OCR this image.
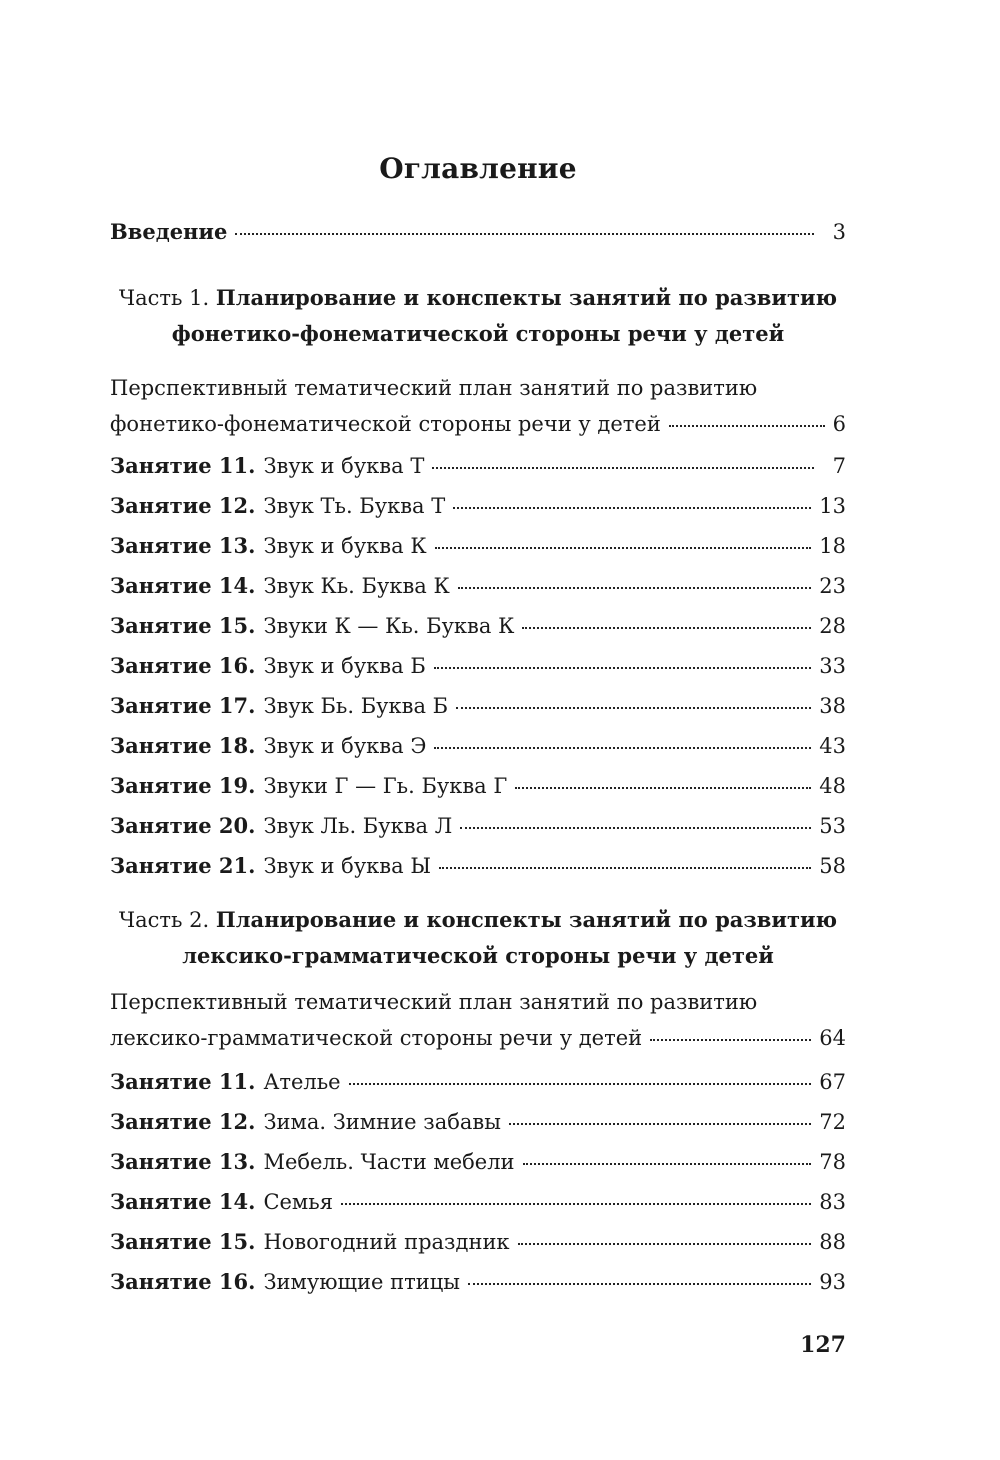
Оглавление
Введение	3
Часть 1. Планирование и конспекты занятий по развитию
фонетико-фонематической стороны речи у детей
Перспективный тематический план занятий по развитию
фонетико-фонематической стороны речи у детей	6
Занятие 11. Звук и буква Т	7
Занятие 12. Звук Ть. Буква Т	13
Занятие 13. Звук и буква К	18
Занятие 14. Звук Кь. Буква К	23
Занятие 15. Звуки К — Кь. Буква К	28
Занятие 16. Звук и буква Б	33
Занятие 17. Звук Бь. Буква Б	38
Занятие 18. Звук и буква Э	43
Занятие 19. Звуки Г — Гь. Буква Г	48
Занятие 20. Звук Ль. Буква Л	53
Занятие 21. Звук и буква Ы	58
Часть 2. Планирование и конспекты занятий по развитию
лексико-грамматической стороны речи у детей
Перспективный тематический план занятий по развитию
лексико-грамматической стороны речи у детей	64
Занятие 11. Ателье	67
Занятие 12. Зима. Зимние забавы	72
Занятие 13. Мебель. Части мебели	78
Занятие 14. Семья	83
Занятие 15. Новогодний праздник	88
Занятие 16. Зимующие птицы	93
127
